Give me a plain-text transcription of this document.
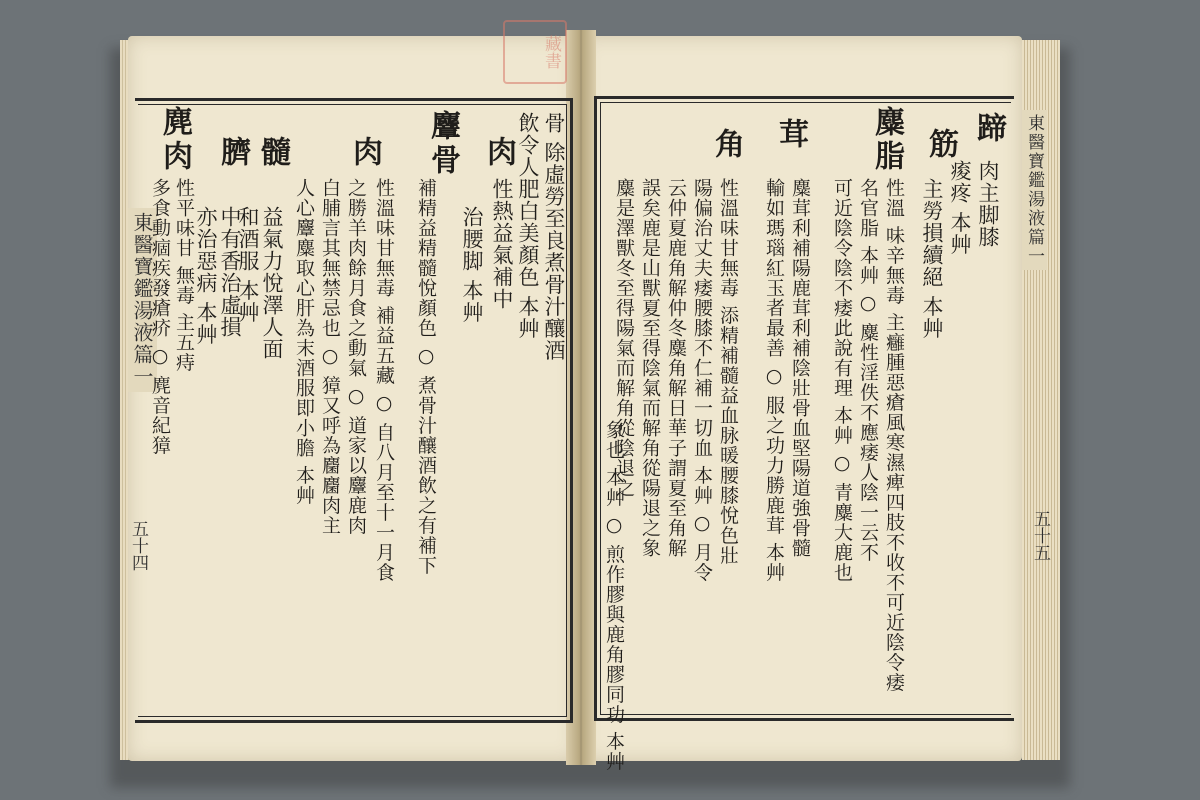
藏書
東醫寶鑑湯液篇一
五十四
東醫寶鑑湯液篇一
五十五
骨 除虛勞至良煮骨汁釀酒
飲令人肥白美顏色 本艸
性熱益氣補中
肉
治腰脚 本艸
麞骨
補精益精髓悅顏色 ○ 煮骨汁釀酒飲之有補下
性溫味甘無毒 補益五藏 ○ 自八月至十一月食
肉
之勝羊肉餘月食之動氣 ○ 道家以麞鹿肉
白脯言其無禁忌也 ○ 獐又呼為麕麕肉主
人心麞麋取心肝為末酒服即小膽 本艸
髓
益氣力悅澤人面
和酒服 本艸
臍
中有香治虛損
亦治惡病 本艸
麂肉
性平味甘 無毒 主五痔
多食動痼疾發瘡疥 ○ 麂音紀獐
蹄
肉主脚膝
痠疼 本艸
筋
主勞損續絕 本艸
麋脂
性溫 味辛無毒 主癰腫惡瘡風寒濕痺四肢不收不可近陰令痿
名官脂 本艸 ○ 麋性淫佚不應痿人陰一云不
可近陰令陰不痿此說有理 本艸 ○ 青麋大鹿也
茸
麋茸利補陽鹿茸利補陰壯骨血堅陽道強骨髓
輸如瑪瑙紅玉者最善 ○ 服之功力勝鹿茸 本艸
角
性溫味甘無毒 添精補髓益血脉暖腰膝悅色壯
陽偏治丈夫痿腰膝不仁補一切血 本艸 ○ 月令
云仲夏鹿角解仲冬麋角解日華子謂夏至角解
誤矣鹿是山獸夏至得陰氣而解角從陽退之象
麋是澤獸冬至得陽氣而解角從陰退之
象也 本艸 ○ 煎作膠與鹿角膠同功 本艸
